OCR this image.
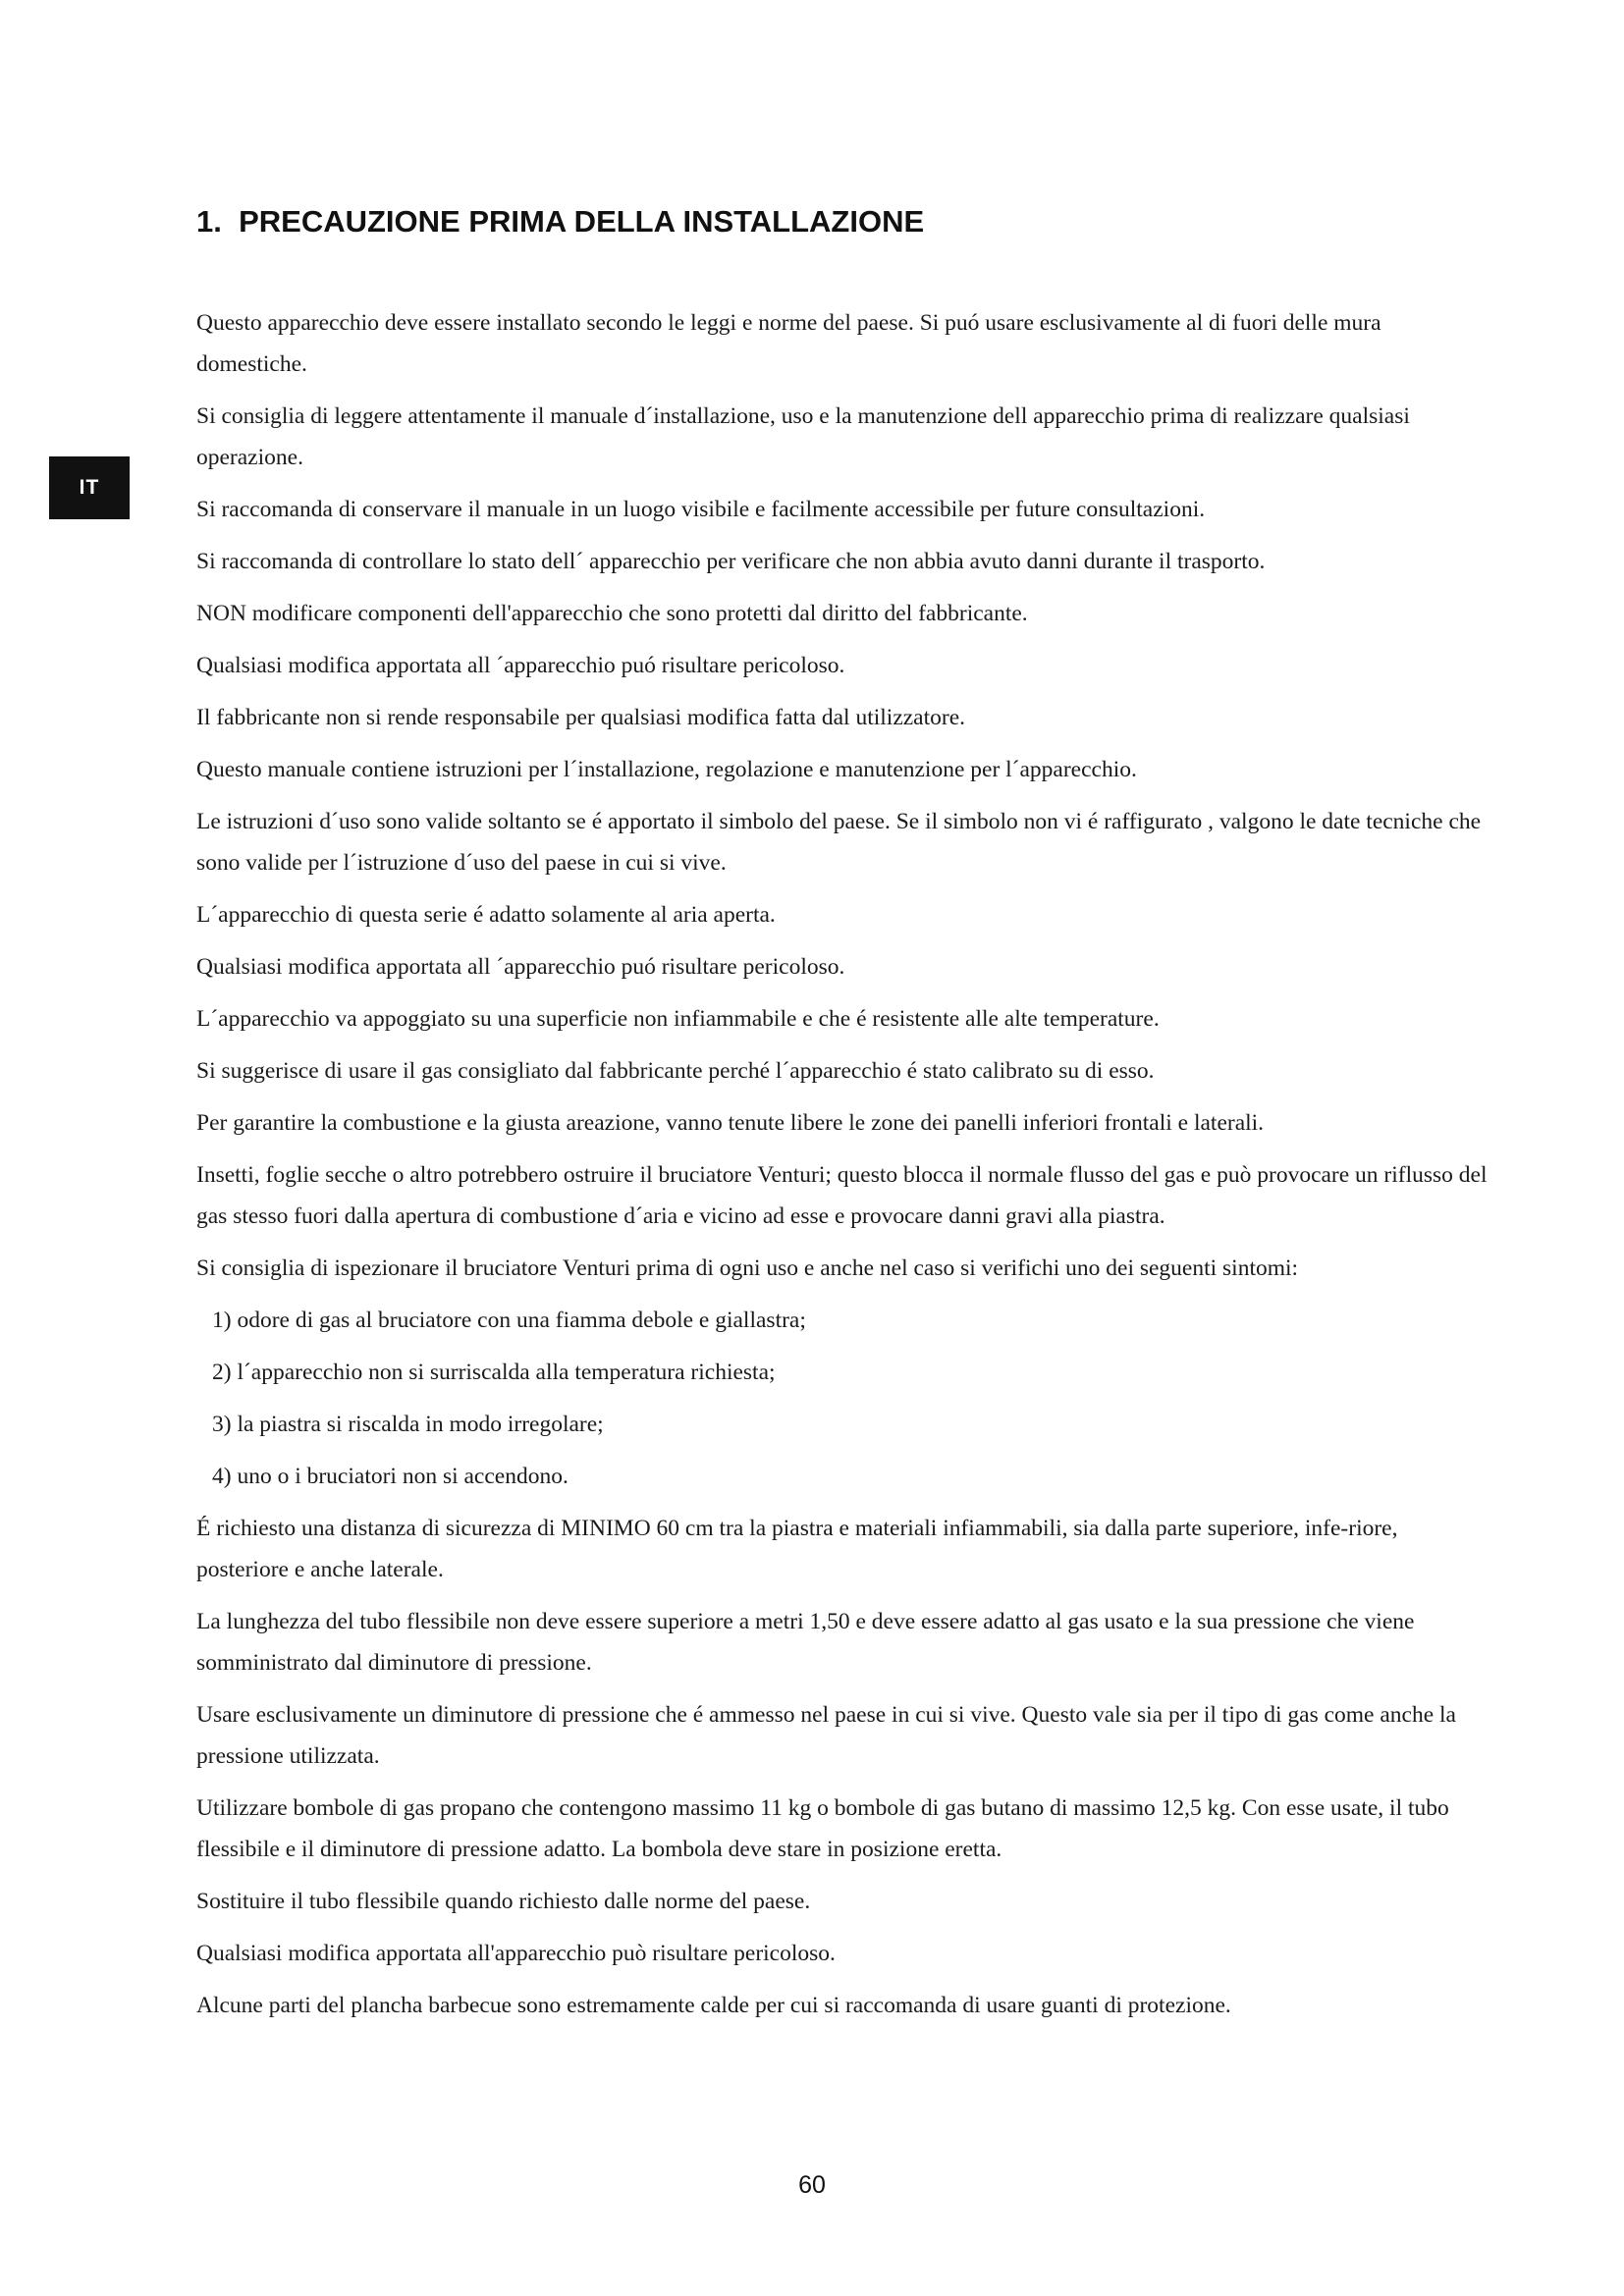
IT
1. PRECAUZIONE PRIMA DELLA INSTALLAZIONE

Questo apparecchio deve essere installato secondo le leggi e norme del paese. Si puó usare esclusivamente al di fuori delle mura domestiche.

Si consiglia di leggere attentamente il manuale d´installazione, uso e la manutenzione dell apparecchio prima di realizzare qualsiasi operazione.

Si raccomanda di conservare il manuale in un luogo visibile e facilmente accessibile per future consultazioni.

Si raccomanda di controllare lo stato dell´ apparecchio per verificare che non abbia avuto danni durante il trasporto.

NON modificare componenti dell'apparecchio che sono protetti dal diritto del fabbricante.

Qualsiasi modifica apportata all ´apparecchio puó risultare pericoloso.

Il fabbricante non si rende responsabile per qualsiasi modifica fatta dal utilizzatore.

Questo manuale contiene istruzioni per l´installazione, regolazione e manutenzione per l´apparecchio.

Le istruzioni d´uso sono valide soltanto se é apportato il simbolo del paese. Se il simbolo non vi é raffigurato , valgono le date tecniche che sono valide per l´istruzione d´uso del paese in cui si vive.

L´apparecchio di questa serie é adatto solamente al aria aperta.

Qualsiasi modifica apportata all ´apparecchio puó risultare pericoloso.

L´apparecchio va appoggiato su una superficie non infiammabile e che é resistente alle alte temperature.

Si suggerisce di usare il gas consigliato dal fabbricante perché l´apparecchio é stato calibrato su di esso.

Per garantire la combustione e la giusta areazione, vanno tenute libere le zone dei panelli inferiori frontali e laterali.

Insetti, foglie secche o altro potrebbero ostruire il bruciatore Venturi; questo blocca il normale flusso del gas e può provocare un riflusso del gas stesso fuori dalla apertura di combustione d´aria e vicino ad esse e provocare danni gravi alla piastra.

Si consiglia di ispezionare il bruciatore Venturi prima di ogni uso e anche nel caso si verifichi uno dei seguenti sintomi:

1) odore di gas al bruciatore con una fiamma debole e giallastra;

2) l´apparecchio non si surriscalda alla temperatura richiesta;

3) la piastra si riscalda in modo irregolare;

4) uno o i bruciatori non si accendono.

É richiesto una distanza di sicurezza di MINIMO 60 cm tra la piastra e materiali infiammabili, sia dalla parte superiore, infe-riore, posteriore e anche laterale.

La lunghezza del tubo flessibile non deve essere superiore a metri 1,50 e deve essere adatto al gas usato e la sua pressione che viene somministrato dal diminutore di pressione.

Usare esclusivamente un diminutore di pressione che é ammesso nel paese in cui si vive. Questo vale sia per il tipo di gas come anche la pressione utilizzata.

Utilizzare bombole di gas propano che contengono massimo 11 kg o bombole di gas butano di massimo 12,5 kg. Con esse usate, il tubo flessibile e il diminutore di pressione adatto. La bombola deve stare in posizione eretta.

Sostituire il tubo flessibile quando richiesto dalle norme del paese.

Qualsiasi modifica apportata all'apparecchio può risultare pericoloso.

Alcune parti del plancha barbecue sono estremamente calde per cui si raccomanda di usare guanti di protezione.

60
